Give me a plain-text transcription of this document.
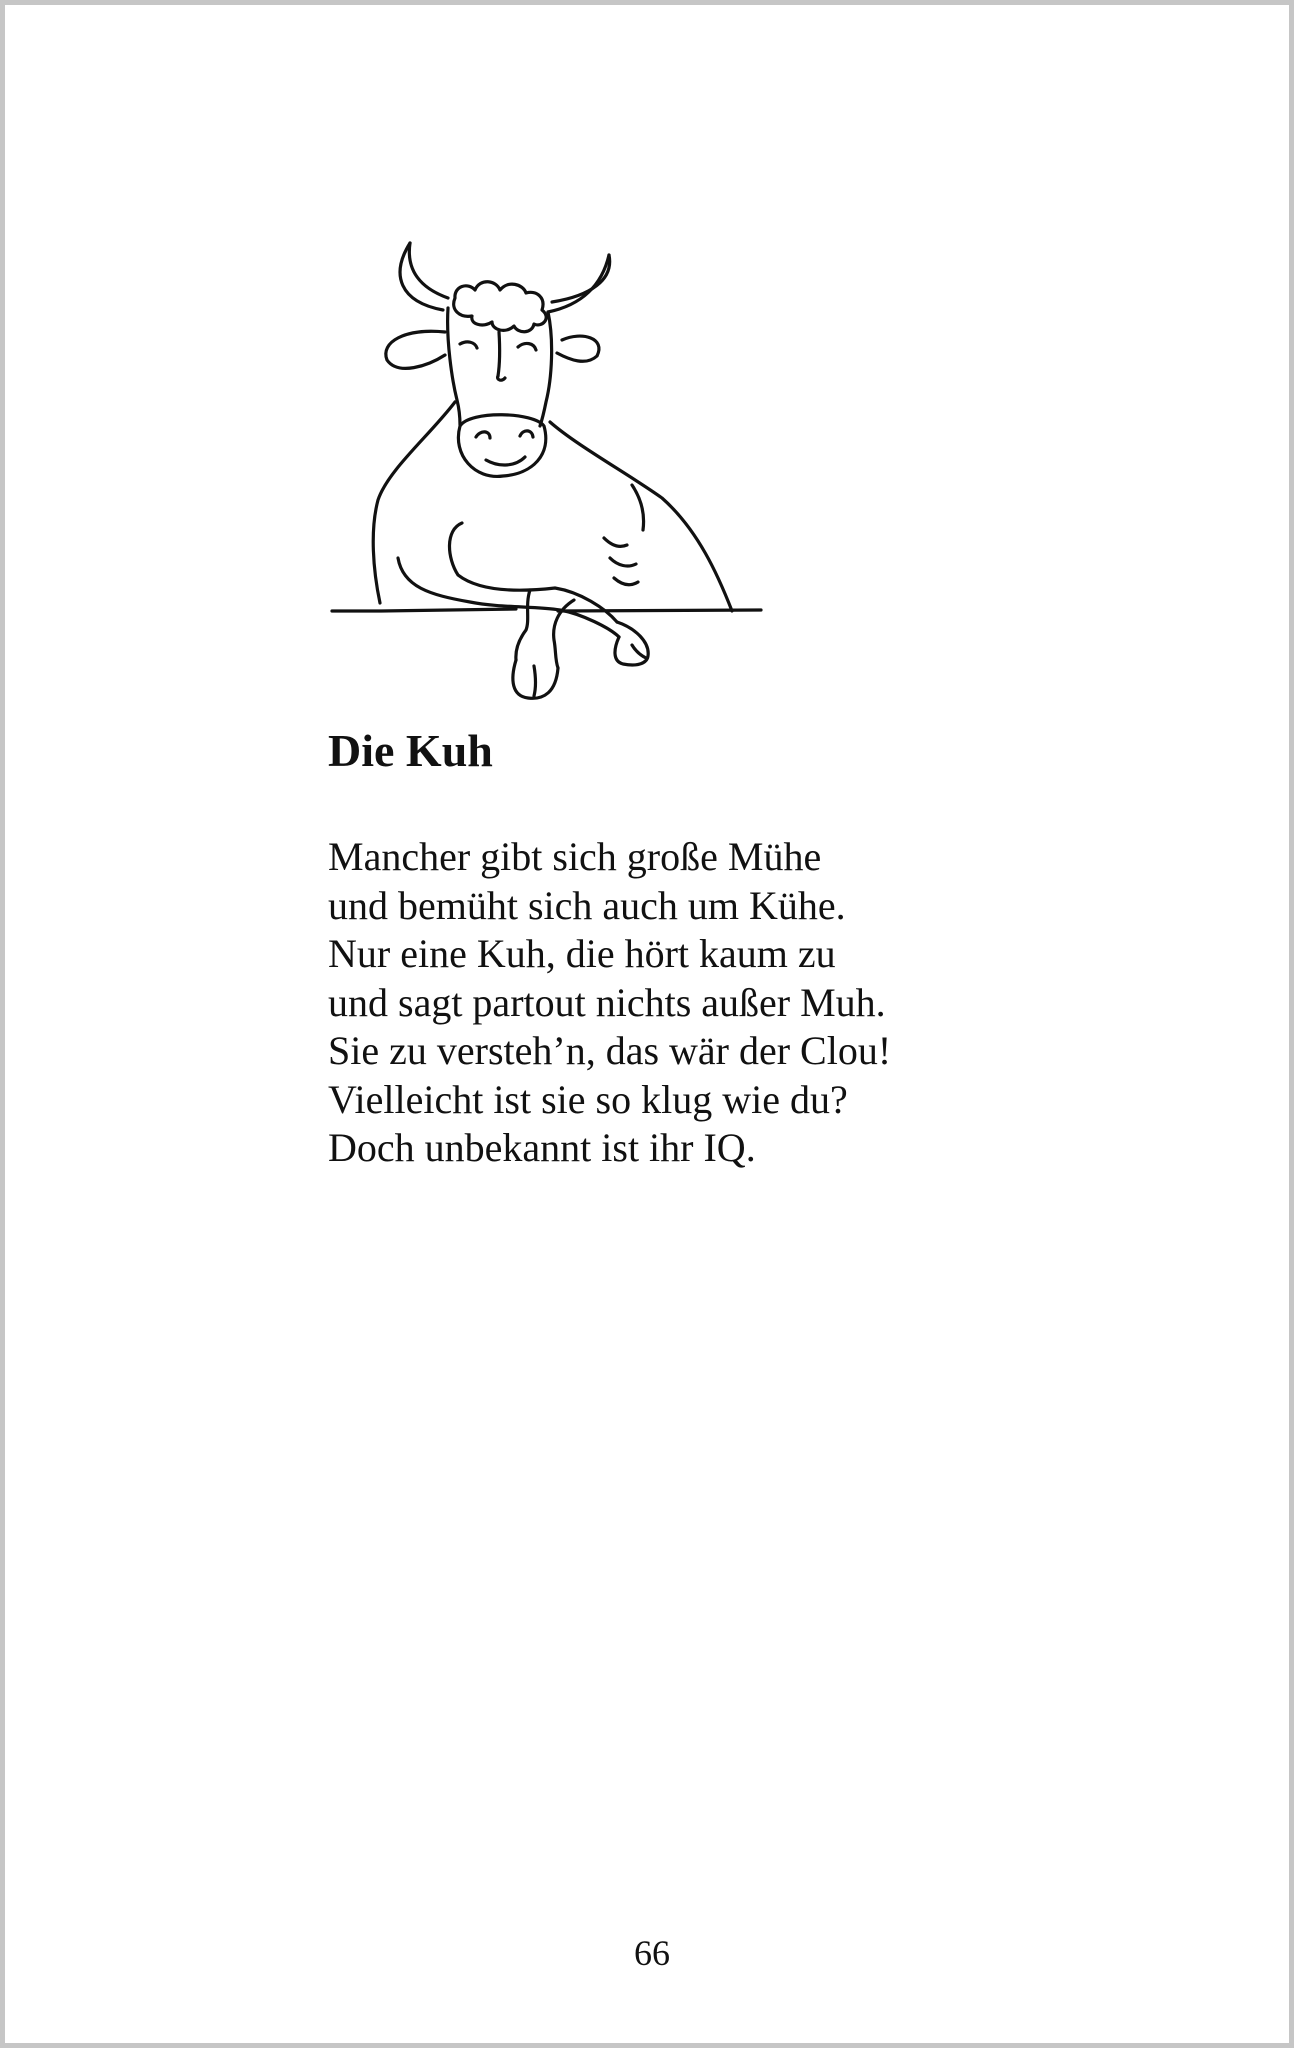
Die Kuh
Mancher gibt sich große Mühe
und bemüht sich auch um Kühe.
Nur eine Kuh, die hört kaum zu
und sagt partout nichts außer Muh.
Sie zu versteh’n, das wär der Clou!
Vielleicht ist sie so klug wie du?
Doch unbekannt ist ihr IQ.
66
